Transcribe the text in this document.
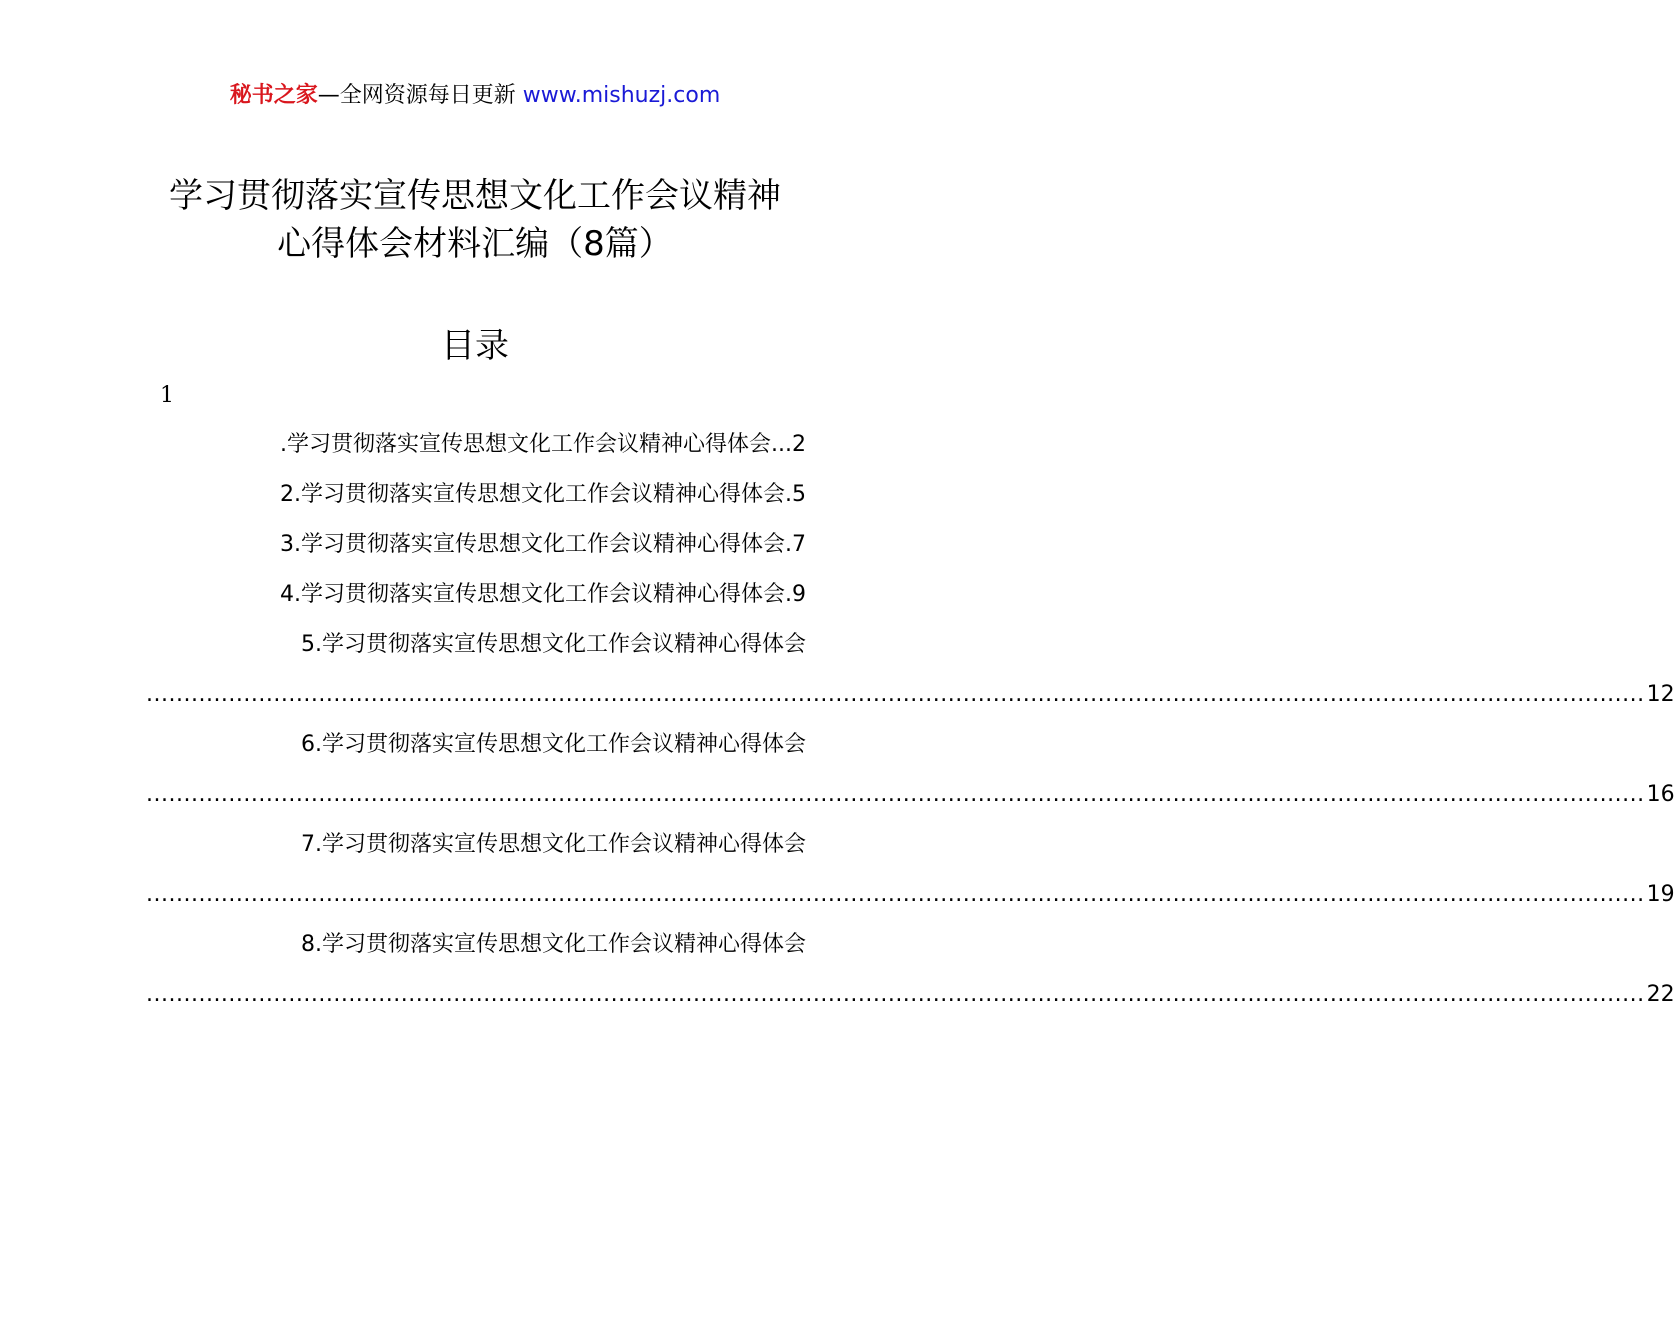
秘书之家—全网资源每日更新 www.mishuzj.com
学习贯彻落实宣传思想文化工作会议精神
心得体会材料汇编（8篇）
目录
1
.学习贯彻落实宣传思想文化工作会议精神心得体会...2
2.学习贯彻落实宣传思想文化工作会议精神心得体会.5
3.学习贯彻落实宣传思想文化工作会议精神心得体会.7
4.学习贯彻落实宣传思想文化工作会议精神心得体会.9
5.学习贯彻落实宣传思想文化工作会议精神心得体会
........................................................................................................................................................................................................ 12
6.学习贯彻落实宣传思想文化工作会议精神心得体会
........................................................................................................................................................................................................ 16
7.学习贯彻落实宣传思想文化工作会议精神心得体会
........................................................................................................................................................................................................ 19
8.学习贯彻落实宣传思想文化工作会议精神心得体会
........................................................................................................................................................................................................ 22
